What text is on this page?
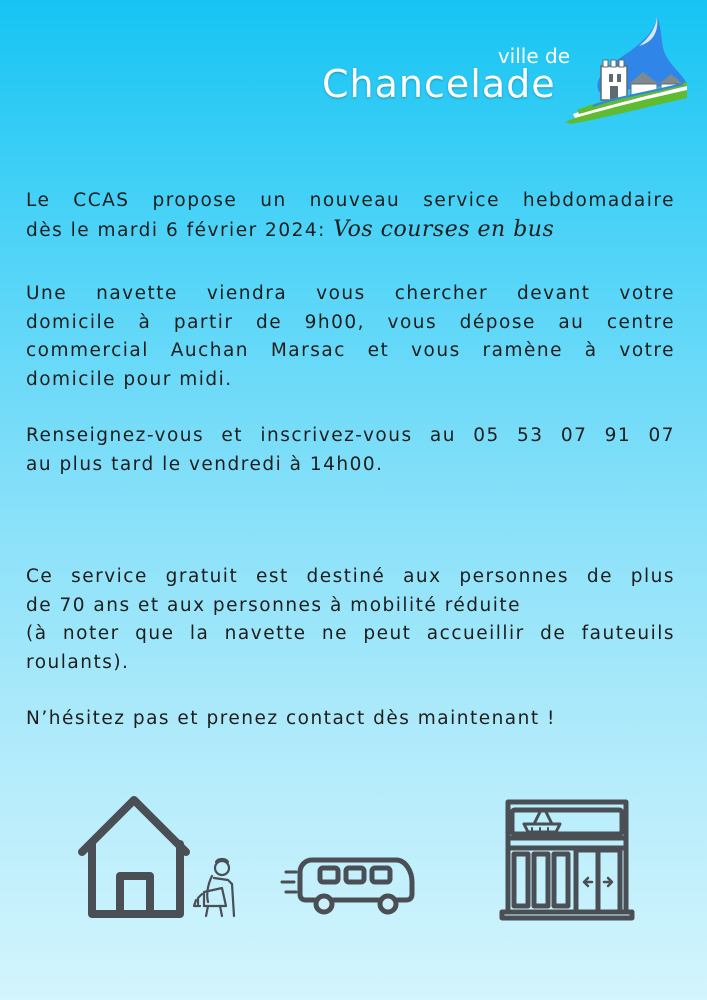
ville de
Chancelade
Le CCAS propose un nouveau service hebdomadaire
dès le mardi 6 février 2024: Vos courses en bus
Une navette viendra vous chercher devant votre
domicile à partir de 9h00, vous dépose au centre
commercial Auchan Marsac et vous ramène à votre
domicile pour midi.
Renseignez-vous et inscrivez-vous au 05 53 07 91 07
au plus tard le vendredi à 14h00.
Ce service gratuit est destiné aux personnes de plus
de 70 ans et aux personnes à mobilité réduite
(à noter que la navette ne peut accueillir de fauteuils
roulants).
N’hésitez pas et prenez contact dès maintenant !
